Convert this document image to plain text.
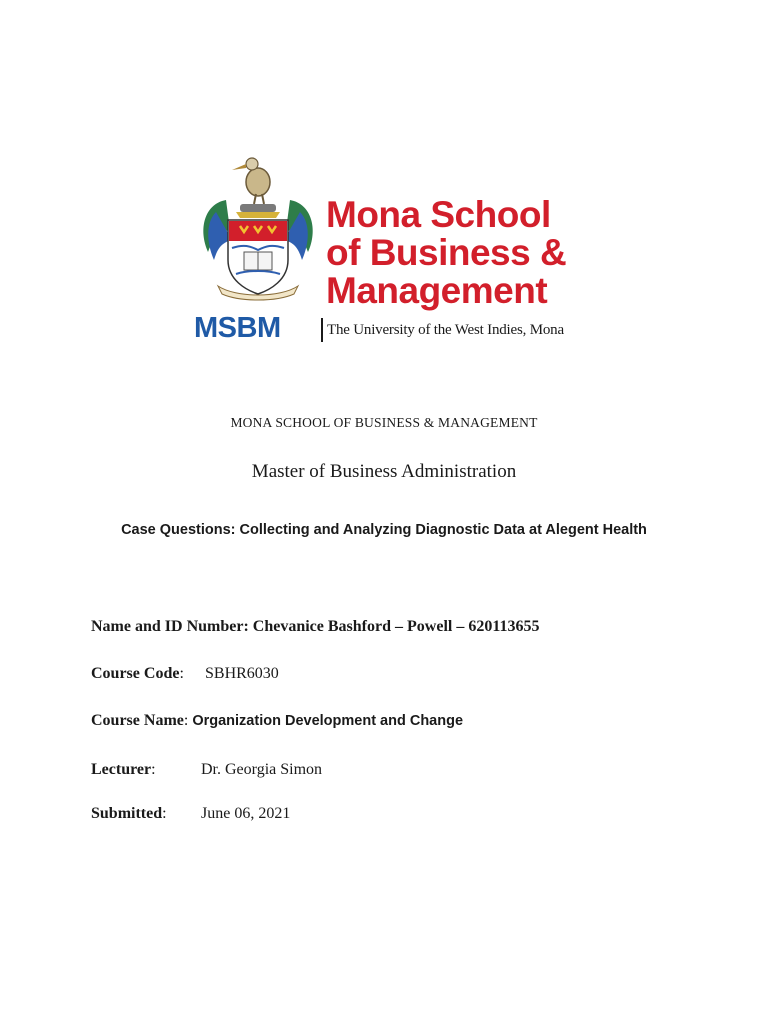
Mona School
of Business &
Management
MSBM	The University of the West Indies, Mona
MONA SCHOOL OF BUSINESS & MANAGEMENT
Master of Business Administration
Case Questions: Collecting and Analyzing Diagnostic Data at Alegent Health
Name and ID Number: Chevanice Bashford – Powell – 620113655
Course Code: SBHR6030
Course Name: Organization Development and Change
Lecturer:	Dr. Georgia Simon
Submitted: June 06, 2021
